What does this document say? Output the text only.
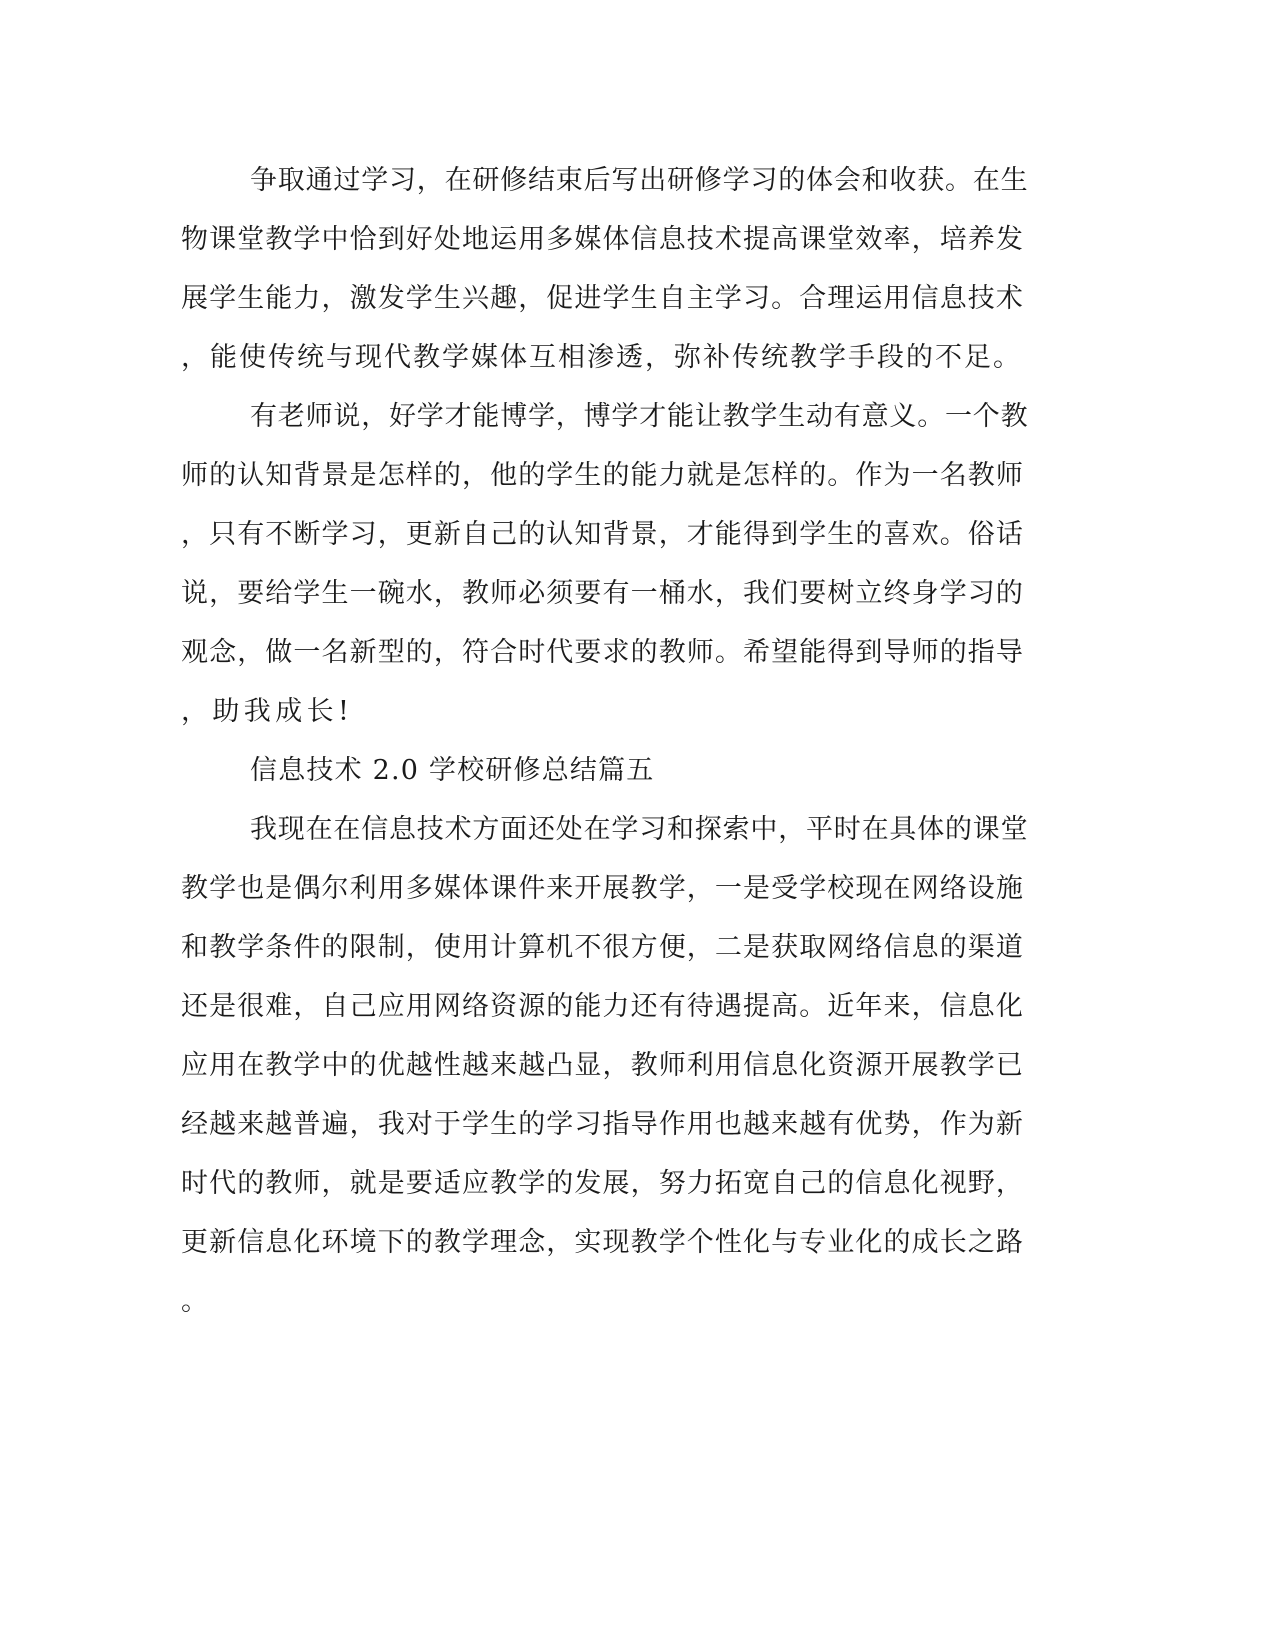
争取通过学习，在研修结束后写出研修学习的体会和收获。在生

物课堂教学中恰到好处地运用多媒体信息技术提高课堂效率，培养发

展学生能力，激发学生兴趣，促进学生自主学习。合理运用信息技术

，能使传统与现代教学媒体互相渗透，弥补传统教学手段的不足。

有老师说，好学才能博学，博学才能让教学生动有意义。一个教

师的认知背景是怎样的，他的学生的能力就是怎样的。作为一名教师

，只有不断学习，更新自己的认知背景，才能得到学生的喜欢。俗话

说，要给学生一碗水，教师必须要有一桶水，我们要树立终身学习的

观念，做一名新型的，符合时代要求的教师。希望能得到导师的指导

，助我成长!

信息技术 2.0 学校研修总结篇五

我现在在信息技术方面还处在学习和探索中，平时在具体的课堂

教学也是偶尔利用多媒体课件来开展教学，一是受学校现在网络设施

和教学条件的限制，使用计算机不很方便，二是获取网络信息的渠道

还是很难，自己应用网络资源的能力还有待遇提高。近年来，信息化

应用在教学中的优越性越来越凸显，教师利用信息化资源开展教学已

经越来越普遍，我对于学生的学习指导作用也越来越有优势，作为新

时代的教师，就是要适应教学的发展，努力拓宽自己的信息化视野，

更新信息化环境下的教学理念，实现教学个性化与专业化的成长之路

。
